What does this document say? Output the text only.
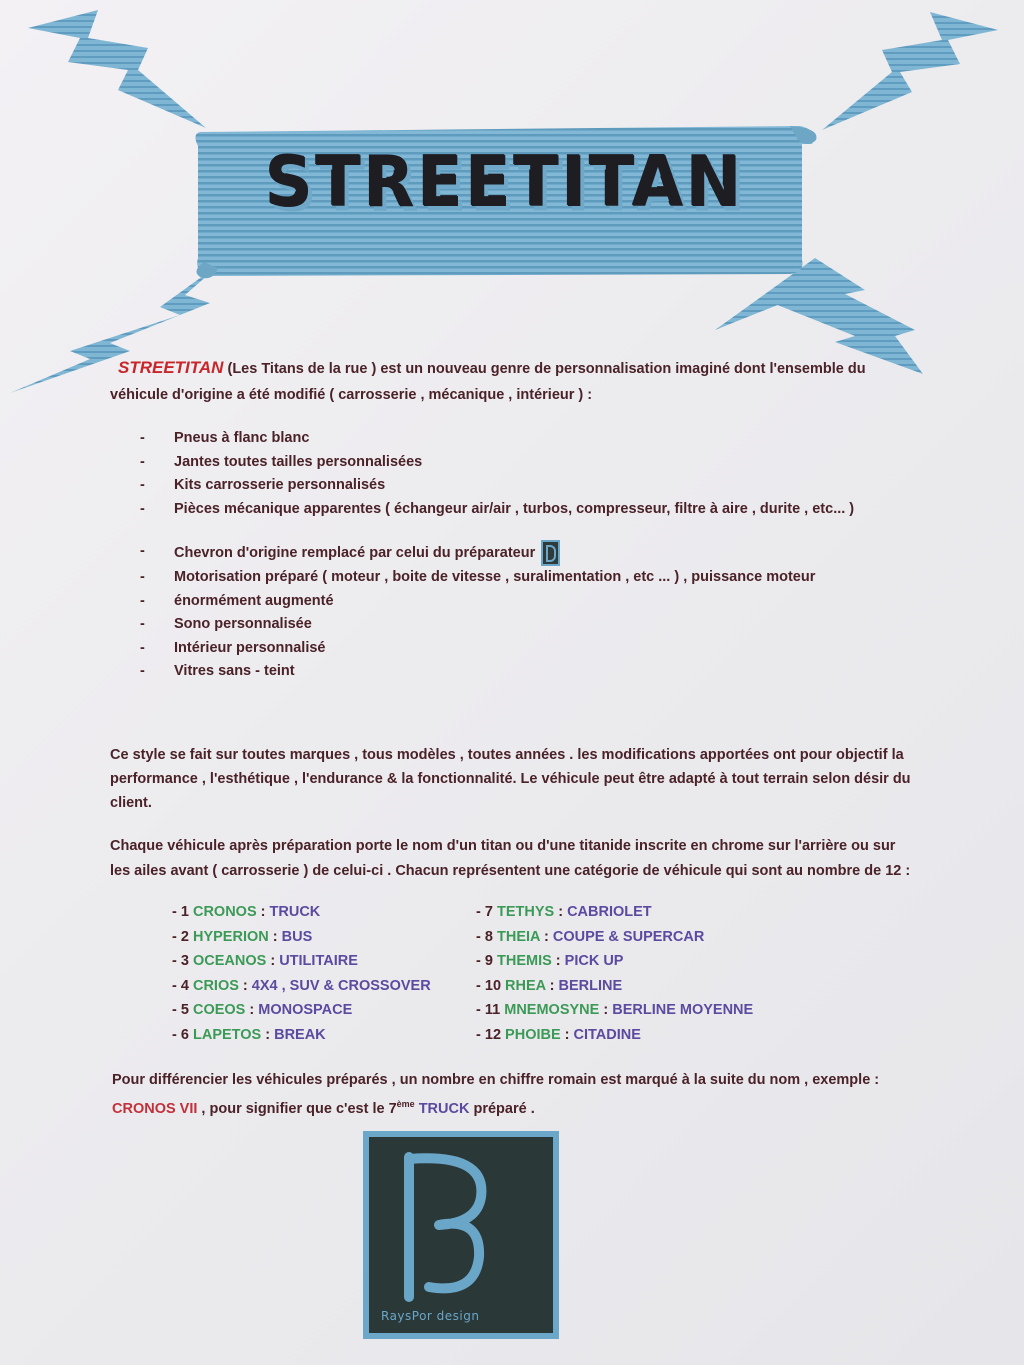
STREETITAN
STREETITAN (Les Titans de la rue ) est un nouveau genre de personnalisation imaginé dont l'ensemble du
véhicule d'origine a été modifié ( carrosserie , mécanique , intérieur ) :
- Pneus à flanc blanc
- Jantes toutes tailles personnalisées
- Kits carrosserie personnalisés
- Pièces mécanique apparentes ( échangeur air/air , turbos, compresseur, filtre à aire , durite , etc... )
- Chevron d'origine remplacé par celui du préparateur
- Motorisation préparé ( moteur , boite de vitesse , suralimentation , etc ... ) , puissance moteur
- énormément augmenté
- Sono personnalisée
- Intérieur personnalisé
- Vitres sans - teint
Ce style se fait sur toutes marques , tous modèles , toutes années . les modifications apportées ont pour objectif la
performance , l'esthétique , l'endurance & la fonctionnalité. Le véhicule peut être adapté à tout terrain selon désir du
client.
Chaque véhicule après préparation porte le nom d'un titan ou d'une titanide inscrite en chrome sur l'arrière ou sur
les ailes avant ( carrosserie ) de celui-ci . Chacun représentent une catégorie de véhicule qui sont au nombre de 12 :
- 1 CRONOS : TRUCK
- 2 HYPERION : BUS
- 3 OCEANOS : UTILITAIRE
- 4 CRIOS : 4X4 , SUV & CROSSOVER
- 5 COEOS : MONOSPACE
- 6 LAPETOS : BREAK
- 7 TETHYS : CABRIOLET
- 8 THEIA : COUPE & SUPERCAR
- 9 THEMIS : PICK UP
- 10 RHEA : BERLINE
- 11 MNEMOSYNE : BERLINE MOYENNE
- 12 PHOIBE : CITADINE
Pour différencier les véhicules préparés , un nombre en chiffre romain est marqué à la suite du nom , exemple :
CRONOS VII , pour signifier que c'est le 7ème TRUCK préparé .
RaysPor design
